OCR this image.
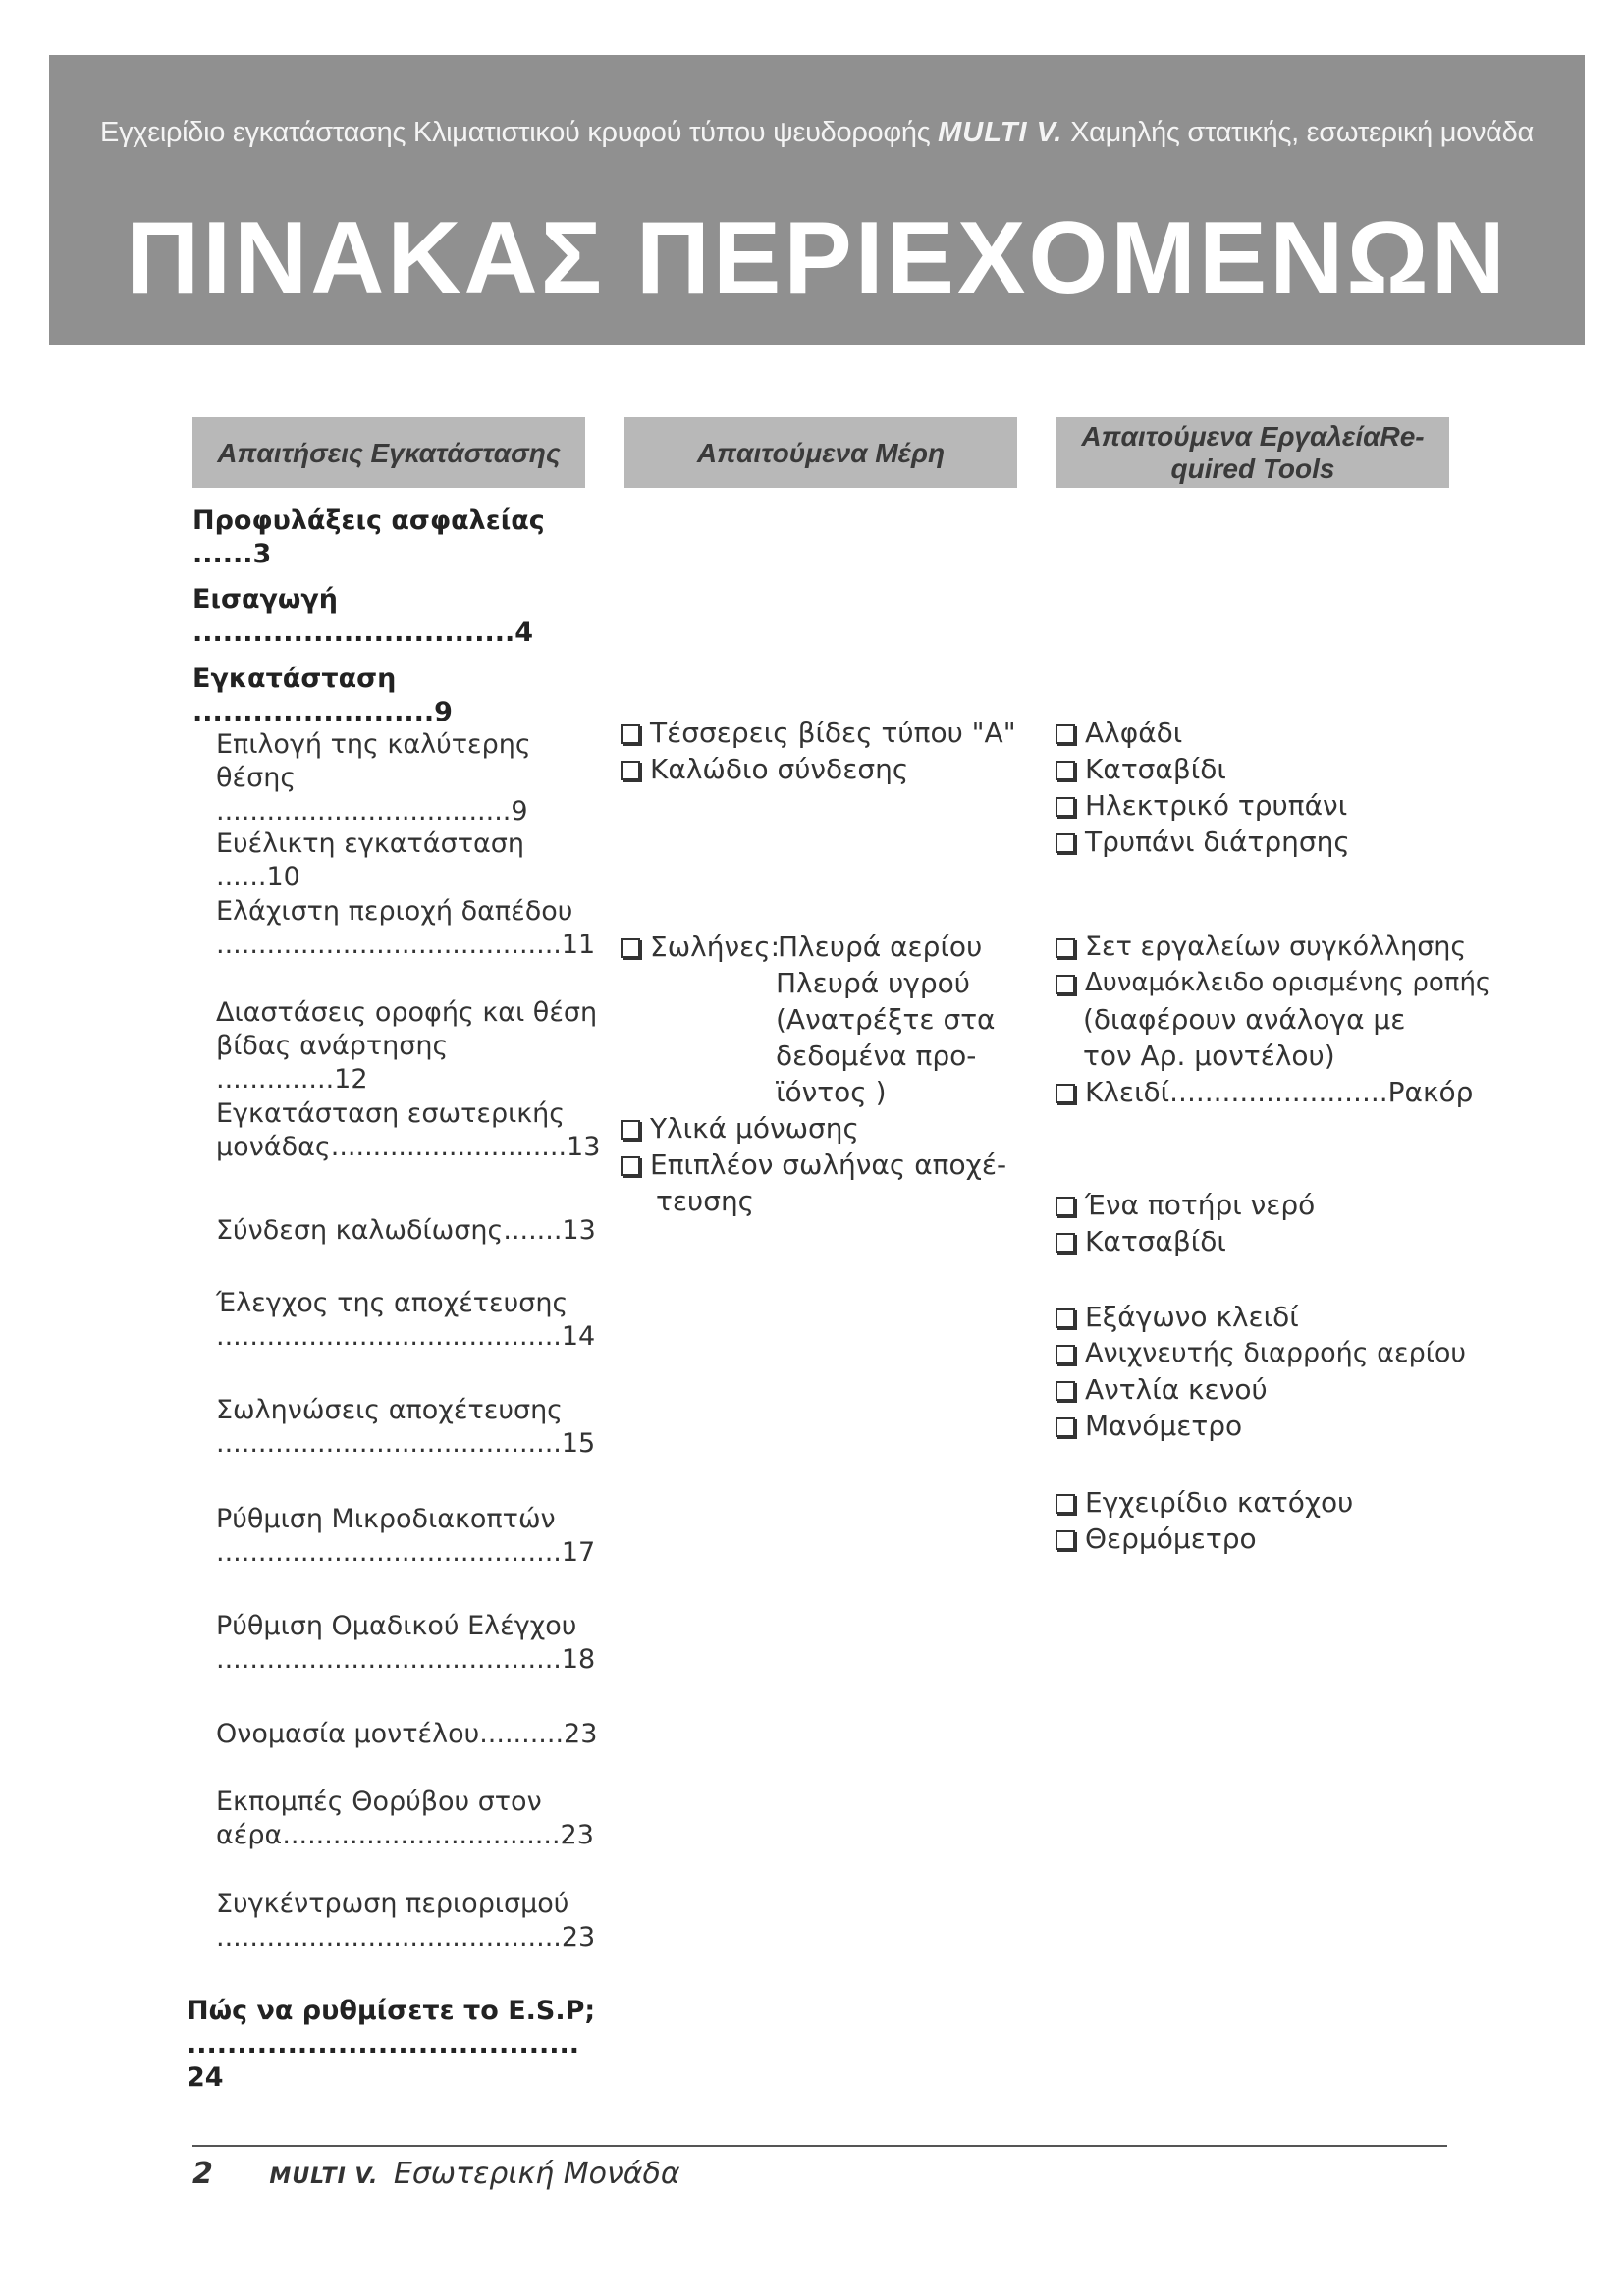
Εγχειρίδιο εγκατάστασης Κλιματιστικού κρυφού τύπου ψευδοροφής MULTI V. Χαμηλής στατικής, εσωτερική μονάδα
ΠΙΝΑΚΑΣ ΠΕΡΙΕΧΟΜΕΝΩΝ
Απαιτήσεις Εγκατάστασης	Απαιτούμενα Μέρη
Απαιτούμενα ΕργαλείαRe-quired Tools
Προφυλάξεις ασφαλείας ......3
Εισαγωγή ................................4
Εγκατάσταση ........................9
Επιλογή της καλύτερης θέσης ...................................9
Ευέλικτη εγκατάσταση ......10
Ελάχιστη περιοχή δαπέδου .........................................11
Διαστάσεις οροφής και θέση βίδας ανάρτησης ..............12
Εγκατάσταση εσωτερικής μονάδας............................13
Σύνδεση καλωδίωσης.......13
Έλεγχος της αποχέτευσης .........................................14
Σωληνώσεις αποχέτευσης .........................................15
Ρύθμιση Μικροδιακοπτών .........................................17
Ρύθμιση Ομαδικού Ελέγχου .........................................18
Ονομασία μοντέλου..........23
Εκπομπές Θορύβου στον αέρα.................................23
Συγκέντρωση περιορισμού .........................................23
Πώς να ρυθμίσετε το E.S.P; ....................................... 24
Τέσσερεις βίδες τύπου "A"
Καλώδιο σύνδεσης
Σωλήνες:
Πλευρά αερίου
Πλευρά υγρού
(Ανατρέξτε στα
δεδομένα προ-
ϊόντος )
Υλικά μόνωσης
Επιπλέον σωλήνας αποχέ-
τευσης
Αλφάδι
Κατσαβίδι
Ηλεκτρικό τρυπάνι
Τρυπάνι διάτρησης
Σετ εργαλείων συγκόλλησης
Δυναμόκλειδο ορισμένης ροπής
(διαφέρουν ανάλογα με
τον Αρ. μοντέλου)
Κλειδί.........................Ρακόρ
Ένα ποτήρι νερό
Κατσαβίδι
Εξάγωνο κλειδί
Ανιχνευτής διαρροής αερίου
Αντλία κενού
Μανόμετρο
Εγχειρίδιο κατόχου
Θερμόμετρο
2	MULTI V. Εσωτερική Μονάδα
